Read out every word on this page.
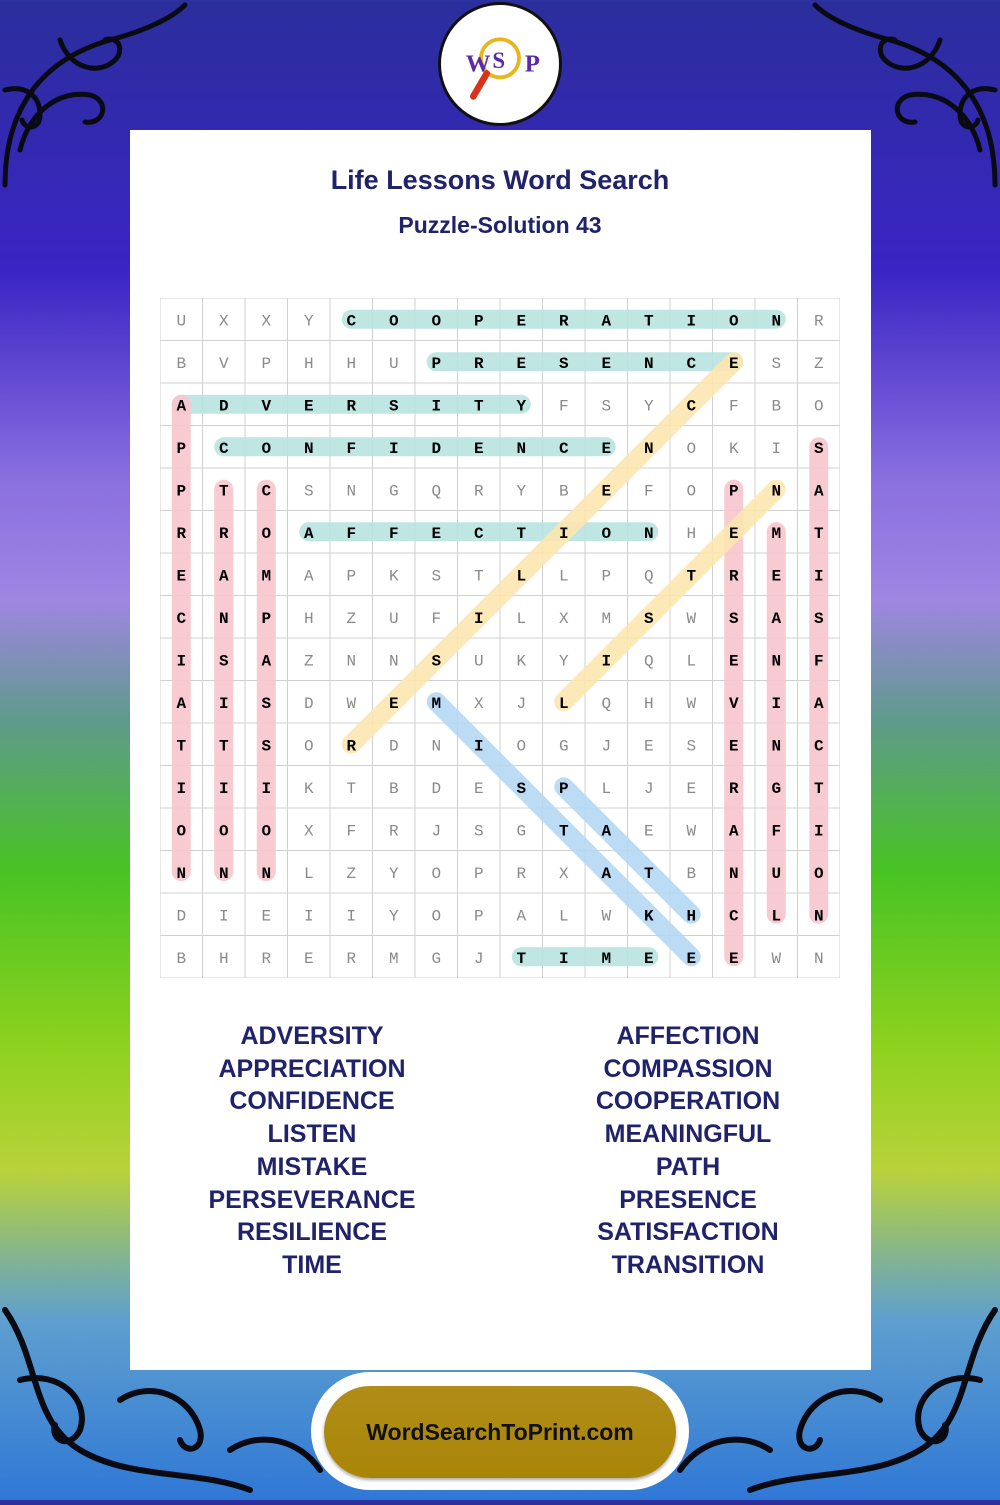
W S P
Life Lessons Word Search
Puzzle-Solution 43
U X X Y C O O P E R A T I O N R
B V P H H U P R E S E N C E S Z
A D V E R S I T Y F S Y C F B O
P C O N F I D E N C E N O K I S
P T C S N G Q R Y B E F O P N A
R R O A F F E C T I O N H E M T
E A M A P K S T L L P Q T R E I
C N P H Z U F I L X M S W S A S
I S A Z N N S U K Y I Q L E N F
A I S D W E M X J L Q H W V I A
T T S O R D N I O G J E S E N C
I I I K T B D E S P L J E R G T
O O O X F R J S G T A E W A F I
N N N L Z Y O P R X A T B N U O
D I E I I Y O P A L W K H C L N
B H R E R M G J T I M E E E W N
ADVERSITY
APPRECIATION
CONFIDENCE
LISTEN
MISTAKE
PERSEVERANCE
RESILIENCE
TIME
AFFECTION
COMPASSION
COOPERATION
MEANINGFUL
PATH
PRESENCE
SATISFACTION
TRANSITION
WordSearchToPrint.com
